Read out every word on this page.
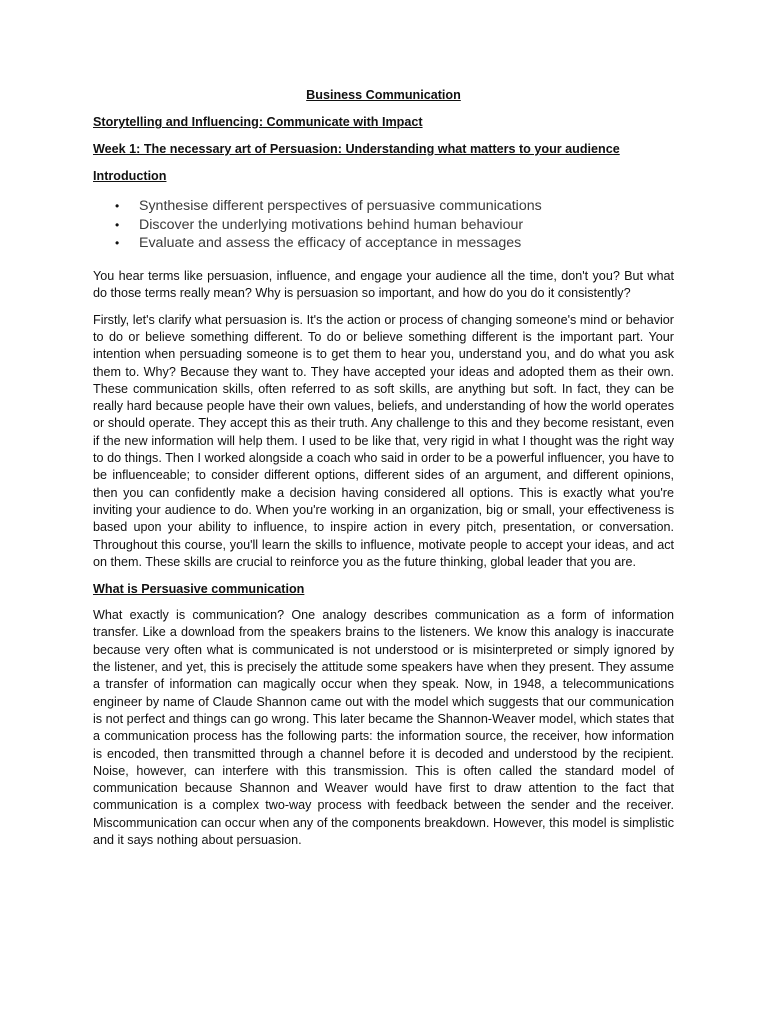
Business Communication
Storytelling and Influencing: Communicate with Impact
Week 1: The necessary art of Persuasion: Understanding what matters to your audience
Introduction
• Synthesise different perspectives of persuasive communications
• Discover the underlying motivations behind human behaviour
• Evaluate and assess the efficacy of acceptance in messages

You hear terms like persuasion, influence, and engage your audience all the time, don't you? But what do those terms really mean? Why is persuasion so important, and how do you do it consistently?

Firstly, let's clarify what persuasion is. It's the action or process of changing someone's mind or behavior to do or believe something different. To do or believe something different is the important part. Your intention when persuading someone is to get them to hear you, understand you, and do what you ask them to. Why? Because they want to. They have accepted your ideas and adopted them as their own. These communication skills, often referred to as soft skills, are anything but soft. In fact, they can be really hard because people have their own values, beliefs, and understanding of how the world operates or should operate. They accept this as their truth. Any challenge to this and they become resistant, even if the new information will help them. I used to be like that, very rigid in what I thought was the right way to do things. Then I worked alongside a coach who said in order to be a powerful influencer, you have to be influenceable; to consider different options, different sides of an argument, and different opinions, then you can confidently make a decision having considered all options. This is exactly what you're inviting your audience to do. When you're working in an organization, big or small, your effectiveness is based upon your ability to influence, to inspire action in every pitch, presentation, or conversation. Throughout this course, you'll learn the skills to influence, motivate people to accept your ideas, and act on them. These skills are crucial to reinforce you as the future thinking, global leader that you are.

What is Persuasive communication

What exactly is communication? One analogy describes communication as a form of information transfer. Like a download from the speakers brains to the listeners. We know this analogy is inaccurate because very often what is communicated is not understood or is misinterpreted or simply ignored by the listener, and yet, this is precisely the attitude some speakers have when they present. They assume a transfer of information can magically occur when they speak. Now, in 1948, a telecommunications engineer by name of Claude Shannon came out with the model which suggests that our communication is not perfect and things can go wrong. This later became the Shannon-Weaver model, which states that a communication process has the following parts: the information source, the receiver, how information is encoded, then transmitted through a channel before it is decoded and understood by the recipient. Noise, however, can interfere with this transmission. This is often called the standard model of communication because Shannon and Weaver would have first to draw attention to the fact that communication is a complex two-way process with feedback between the sender and the receiver. Miscommunication can occur when any of the components breakdown. However, this model is simplistic and it says nothing about persuasion.
